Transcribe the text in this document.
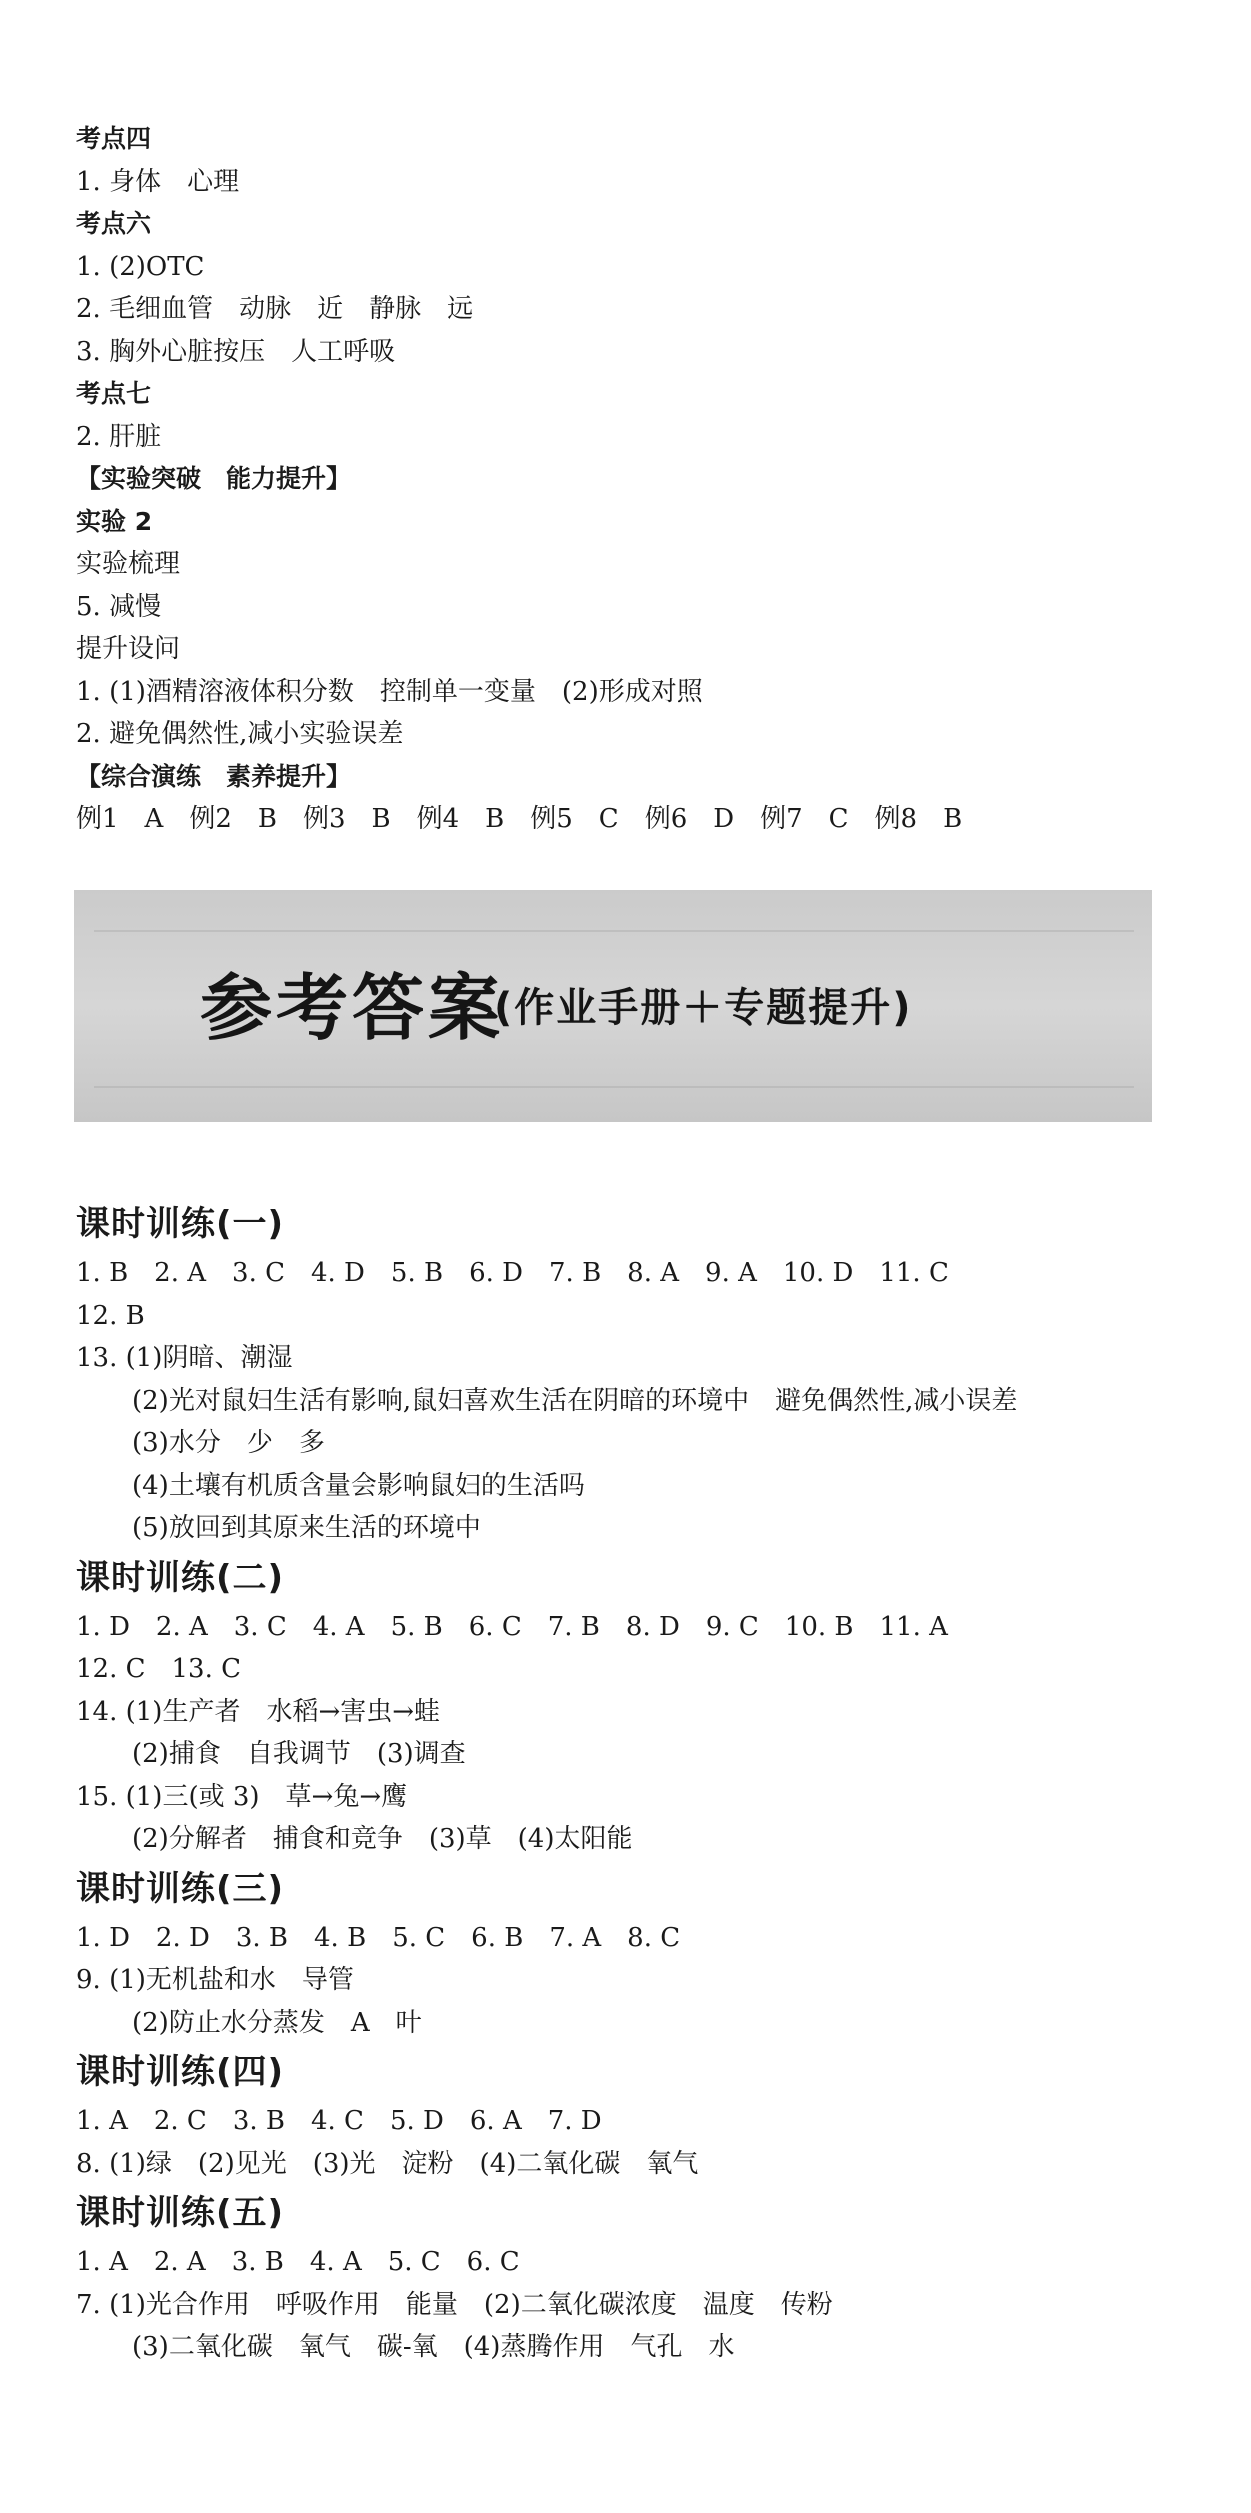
考点四
1. 身体　心理
考点六
1. (2)OTC
2. 毛细血管　动脉　近　静脉　远
3. 胸外心脏按压　人工呼吸
考点七
2. 肝脏
【实验突破　能力提升】
实验 2
实验梳理
5. 减慢
提升设问
1. (1)酒精溶液体积分数　控制单一变量　(2)形成对照
2. 避免偶然性,减小实验误差
【综合演练　素养提升】
例1　A　例2　B　例3　B　例4　B　例5　C　例6　D　例7　C　例8　B
参考答案
(作业手册＋专题提升)
课时训练(一)
1. B　2. A　3. C　4. D　5. B　6. D　7. B　8. A　9. A　10. D　11. C
12. B
13. (1)阴暗、潮湿
(2)光对鼠妇生活有影响,鼠妇喜欢生活在阴暗的环境中　避免偶然性,减小误差
(3)水分　少　多
(4)土壤有机质含量会影响鼠妇的生活吗
(5)放回到其原来生活的环境中
课时训练(二)
1. D　2. A　3. C　4. A　5. B　6. C　7. B　8. D　9. C　10. B　11. A
12. C　13. C
14. (1)生产者　水稻→害虫→蛙
(2)捕食　自我调节　(3)调查
15. (1)三(或 3)　草→兔→鹰
(2)分解者　捕食和竞争　(3)草　(4)太阳能
课时训练(三)
1. D　2. D　3. B　4. B　5. C　6. B　7. A　8. C
9. (1)无机盐和水　导管
(2)防止水分蒸发　A　叶
课时训练(四)
1. A　2. C　3. B　4. C　5. D　6. A　7. D
8. (1)绿　(2)见光　(3)光　淀粉　(4)二氧化碳　氧气
课时训练(五)
1. A　2. A　3. B　4. A　5. C　6. C
7. (1)光合作用　呼吸作用　能量　(2)二氧化碳浓度　温度　传粉
(3)二氧化碳　氧气　碳-氧　(4)蒸腾作用　气孔　水
